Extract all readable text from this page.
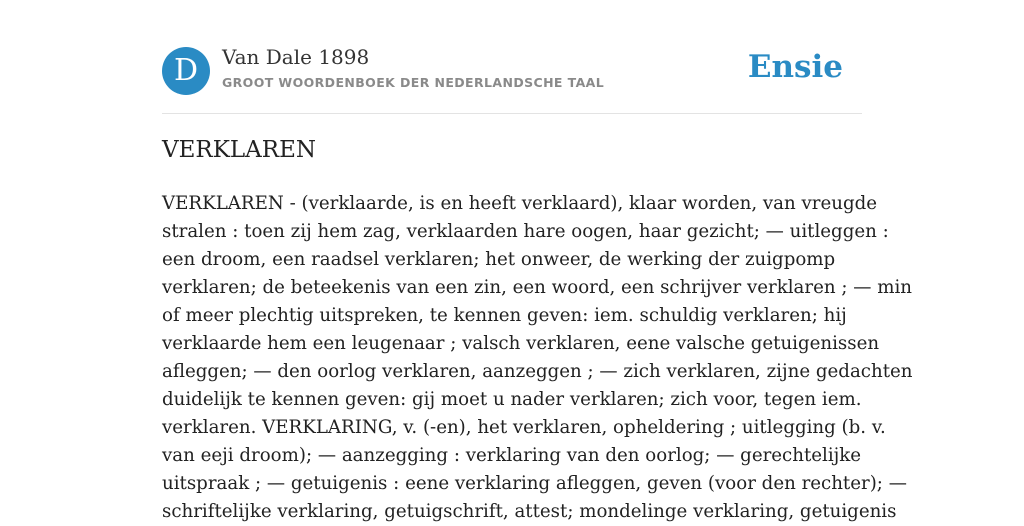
D	Van Dale 1898
GROOT WOORDENBOEK DER NEDERLANDSCHE TAAL	Ensie
VERKLAREN
VERKLAREN - (verklaarde, is en heeft verklaard), klaar worden, van vreugde
stralen : toen zij hem zag, verklaarden hare oogen, haar gezicht; — uitleggen :
een droom, een raadsel verklaren; het onweer, de werking der zuigpomp
verklaren; de beteekenis van een zin, een woord, een schrijver verklaren ; — min
of meer plechtig uitspreken, te kennen geven: iem. schuldig verklaren; hij
verklaarde hem een leugenaar ; valsch verklaren, eene valsche getuigenissen
afleggen; — den oorlog verklaren, aanzeggen ; — zich verklaren, zijne gedachten
duidelijk te kennen geven: gij moet u nader verklaren; zich voor, tegen iem.
verklaren. VERKLARING, v. (-en), het verklaren, opheldering ; uitlegging (b. v.
van eeji droom); — aanzegging : verklaring van den oorlog; — gerechtelijke
uitspraak ; — getuigenis : eene verklaring afleggen, geven (voor den rechter); —
schriftelijke verklaring, getuigschrift, attest; mondelinge verklaring, getuigenis
